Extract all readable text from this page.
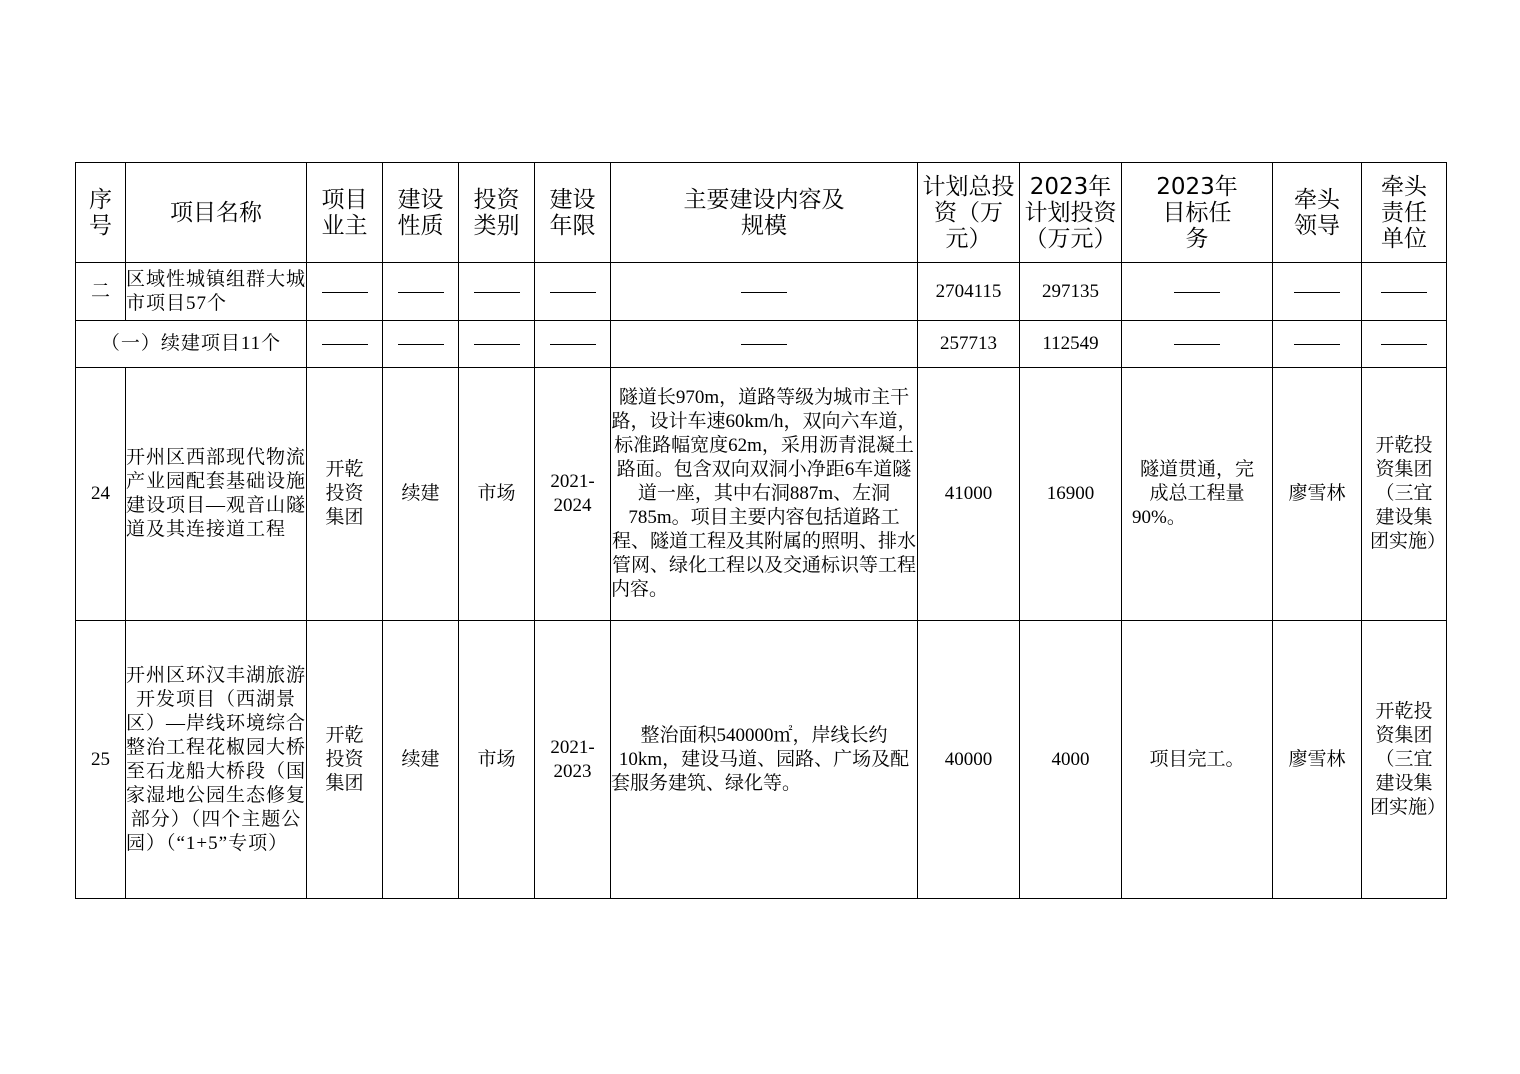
序号	项目名称	项目业主	建设性质	投资类别	建设年限	主要建设内容及规模	计划总投资（万元）	2023年计划投资（万元）	2023年目标任务	牵头领导	牵头责任单位
二	区域性城镇组群大城市项目57个						2704115	297135			
（一）续建项目11个							257713	112549			
24	开州区西部现代物流产业园配套基础设施建设项目—观音山隧道及其连接道工程	开乾投资集团	续建	市场	2021-2024	隧道长970m，道路等级为城市主干路，设计车速60km/h，双向六车道，标准路幅宽度62m，采用沥青混凝土路面。包含双向双洞小净距6车道隧道一座，其中右洞887m、左洞785m。项目主要内容包括道路工程、隧道工程及其附属的照明、排水管网、绿化工程以及交通标识等工程内容。	41000	16900	隧道贯通，完成总工程量90%。	廖雪林	开乾投资集团（三宜建设集团实施）
25	开州区环汉丰湖旅游开发项目（西湖景区）—岸线环境综合整治工程花椒园大桥至石龙船大桥段（国家湿地公园生态修复部分）（四个主题公园）（“1+5”专项）	开乾投资集团	续建	市场	2021-2023	整治面积540000㎡，岸线长约10km，建设马道、园路、广场及配套服务建筑、绿化等。	40000	4000	项目完工。	廖雪林	开乾投资集团（三宜建设集团实施）
